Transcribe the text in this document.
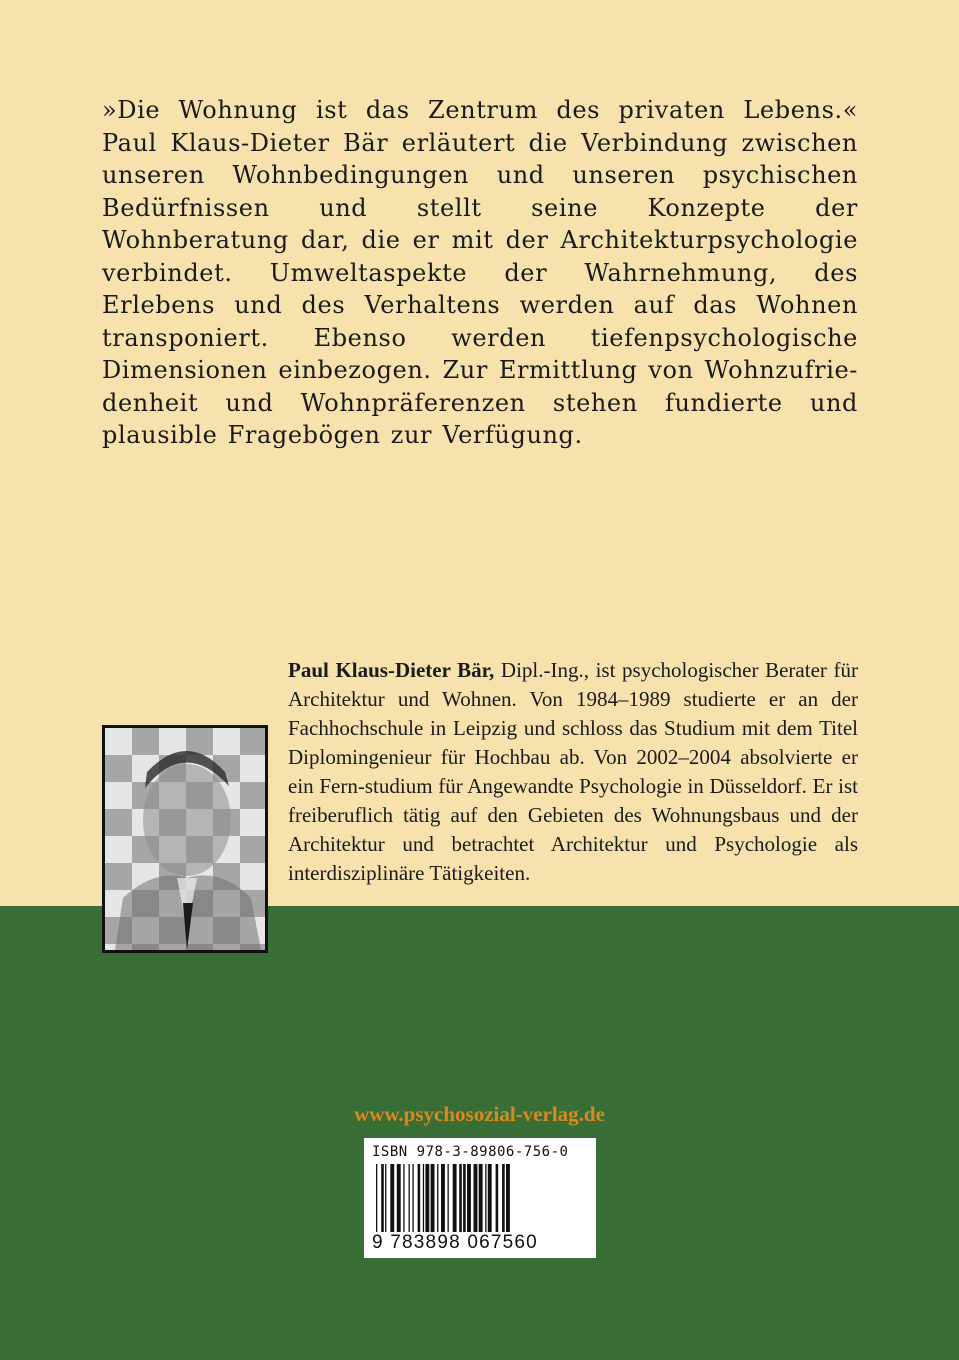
»Die Wohnung ist das Zentrum des privaten Lebens.« Paul Klaus-Dieter Bär erläutert die Verbindung zwischen unseren Wohnbedingungen und unseren psychischen Bedürfnissen und stellt seine Konzepte der Wohnberatung dar, die er mit der Architekturpsychologie verbindet. Umweltaspekte der Wahrnehmung, des Erlebens und des Verhaltens werden auf das Wohnen transponiert. Ebenso werden tiefenpsychologische Dimensionen einbezogen. Zur Ermittlung von Wohnzufrie-denheit und Wohnpräferenzen stehen fundierte und plausible Fragebögen zur Verfügung.

Paul Klaus-Dieter Bär, Dipl.-Ing., ist psychologischer Berater für Architektur und Wohnen. Von 1984–1989 studierte er an der Fachhochschule in Leipzig und schloss das Studium mit dem Titel Diplomingenieur für Hochbau ab. Von 2002–2004 absolvierte er ein Fern-studium für Angewandte Psychologie in Düsseldorf. Er ist freiberuflich tätig auf den Gebieten des Wohnungsbaus und der Architektur und betrachtet Architektur und Psychologie als interdisziplinäre Tätigkeiten.

www.psychosozial-verlag.de

ISBN 978-3-89806-756-0
9 783898 067560
